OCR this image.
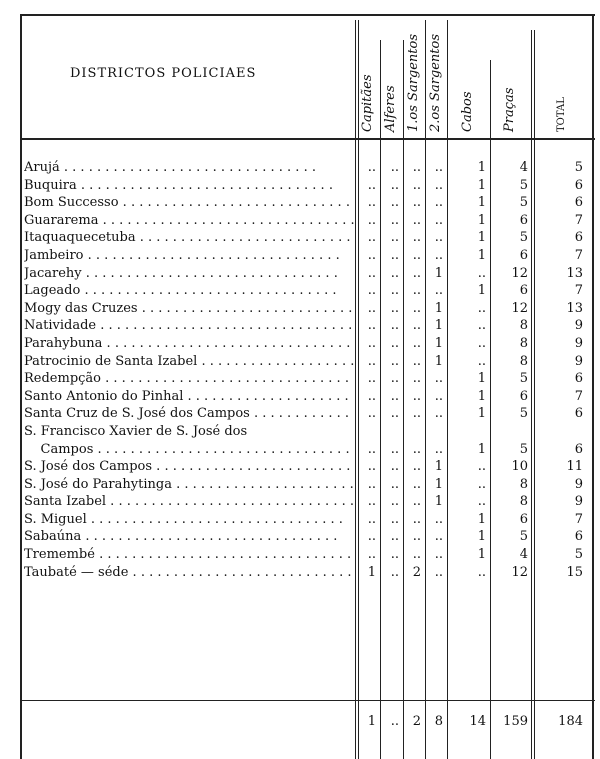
DISTRICTOS POLICIAES
Capitães Alferes 1.os Sargentos 2.os Sargentos Cabos Praças	TOTAL
Arujá . . .	..	..	..	..	1	4	5
Buquira . . .	..	..	..	..	1	5	6
Bom Successo . . .	..	..	..	..	1	5	6
Guararema . . .	..	..	..	..	1	6	7
Itaquaquecetuba . . .	..	..	..	..	1	5	6
Jambeiro . . .	..	..	..	..	1	6	7
Jacarehy . . .	..	..	..	1	..	12	13
Lageado . . .	..	..	..	..	1	6	7
Mogy das Cruzes . . .	..	..	..	1	..	12	13
Natividade . . .	..	..	..	1	..	8	9
Parahybuna . . .	..	..	..	1	..	8	9
Patrocinio de Santa Izabel . . .	..	..	..	1	..	8	9
Redempção . . .	..	..	..	..	1	5	6
Santo Antonio do Pinhal . . .	..	..	..	..	1	6	7
Santa Cruz de S. José dos Campos . . .	..	..	..	..	1	5	6
S. Francisco Xavier de S. José dos
Campos . . .	..	..	..	..	1	5	6
S. José dos Campos . . .	..	..	..	1	..	10	11
S. José do Parahytinga . . .	..	..	..	1	..	8	9
Santa Izabel . . .	..	..	..	1	..	8	9
S. Miguel . . .	..	..	..	..	1	6	7
Sabaúna . . .	..	..	..	..	1	5	6
Tremembé . . .	..	..	..	..	1	4	5
Taubaté — séde . . .	1	..	2	..	..	12	15
1	..	2	8	14	159	184
